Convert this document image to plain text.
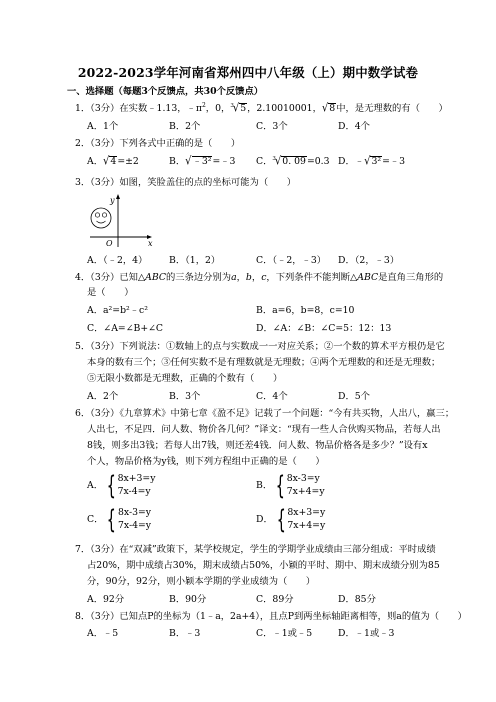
2022-2023学年河南省郑州四中八年级（上）期中数学试卷
一、选择题（每题3个反馈点，共30个反馈点）
1．（3分）在实数﹣1.13，$﹣\pi^2$，0，$^3$√5，2.10010001，√8中，是无理数的有（　　）
A．1个	B．2个	C．3个	D．4个
2．（3分）下列各式中正确的是（　　）
A．√4=±2	B．√﹣3²=﹣3 C．$^3$√0. 09=0.3 D．﹣√3²=﹣3
3．（3分）如图，笑脸盖住的点的坐标可能为（　　）
y
x
O
A．（﹣2，4） B．（1，2）	C．（﹣2，﹣3） D．（2，﹣3）
4．（3分）已知△ABC的三条边分别为a，b，c，下列条件不能判断△ABC是直角三角形的
是（　　）
A．a²=b²﹣c²	B．a=6，b=8，c=10
C．∠A=∠B+∠C	D．∠A：∠B：∠C=5：12：13
5．（3分）下列说法：①数轴上的点与实数成一一对应关系；②一个数的算术平方根仍是它
本身的数有三个；③任何实数不是有理数就是无理数；④两个无理数的和还是无理数；
⑤无限小数都是无理数，正确的个数有（　　）
A．2个	B．3个	C．4个	D．5个
6．（3分）《九章算术》中第七章《盈不足》记载了一个问题：“今有共买物，人出八，赢三；
人出七，不足四．问人数、物价各几何？”译文：“现有一些人合伙购买物品，若每人出
8钱，则多出3钱；若每人出7钱，则还差4钱．问人数、物品价格各是多少？”设有x
个人，物品价格为y钱，则下列方程组中正确的是（　　）
A． { 8x+3=y
7x-4=y
B． { 8x-3=y
7x+4=y
C． { 8x-3=y
7x-4=y
D． { 8x+3=y
7x+4=y
7．（3分）在“双减”政策下，某学校规定，学生的学期学业成绩由三部分组成：平时成绩
占20%，期中成绩占30%，期末成绩占50%，小颖的平时、期中、期末成绩分别为85
分，90分，92分，则小颖本学期的学业成绩为（　　）
A．92分	B．90分	C．89分	D．85分
8．（3分）已知点P的坐标为（1﹣a，2a+4），且点P到两坐标轴距离相等，则a的值为（　　）
A．﹣5	B．﹣3	C．﹣1或﹣5	D．﹣1或﹣3
